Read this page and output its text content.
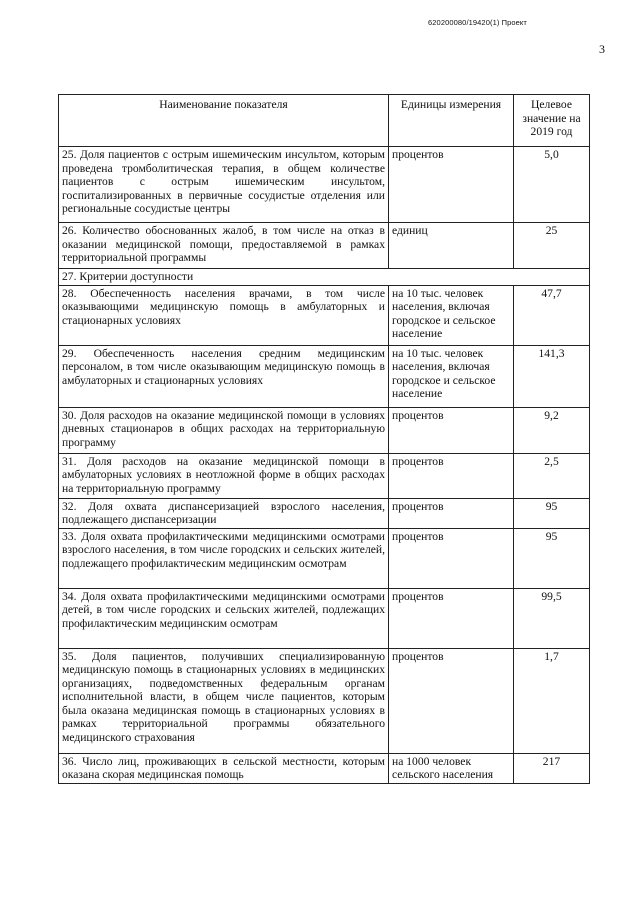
620200080/19420(1) Проект
3
Наименование показателя	Единицы измерения	Целевое значение на 2019 год
25. Доля пациентов с острым ишемическим инсультом, которым проведена тромболитическая терапия, в общем количестве пациентов с острым ишемическим инсультом, госпитализированных в первичные сосудистые отделения или региональные сосудистые центры	процентов	5,0
26. Количество обоснованных жалоб, в том числе на отказ в оказании медицинской помощи, предоставляемой в рамках территориальной программы	единиц	25
27. Критерии доступности		
28. Обеспеченность населения врачами, в том числе оказывающими медицинскую помощь в амбулаторных и стационарных условиях	на 10 тыс. человек населения, включая городское и сельское население	47,7
29. Обеспеченность населения средним медицинским персоналом, в том числе оказывающим медицинскую помощь в амбулаторных и стационарных условиях	на 10 тыс. человек населения, включая городское и сельское население	141,3
30. Доля расходов на оказание медицинской помощи в условиях дневных стационаров в общих расходах на территориальную программу	процентов	9,2
31. Доля расходов на оказание медицинской помощи в амбулаторных условиях в неотложной форме в общих расходах на территориальную программу	процентов	2,5
32. Доля охвата диспансеризацией взрослого населения, подлежащего диспансеризации	процентов	95
33. Доля охвата профилактическими медицинскими осмотрами взрослого населения, в том числе городских и сельских жителей, подлежащего профилактическим медицинским осмотрам	процентов	95
34. Доля охвата профилактическими медицинскими осмотрами детей, в том числе городских и сельских жителей, подлежащих профилактическим медицинским осмотрам	процентов	99,5
35. Доля пациентов, получивших специализированную медицинскую помощь в стационарных условиях в медицинских организациях, подведомственных федеральным органам исполнительной власти, в общем числе пациентов, которым была оказана медицинская помощь в стационарных условиях в рамках территориальной программы обязательного медицинского страхования	процентов	1,7
36. Число лиц, проживающих в сельской местности, которым оказана скорая медицинская помощь	на 1000 человек сельского населения	217
